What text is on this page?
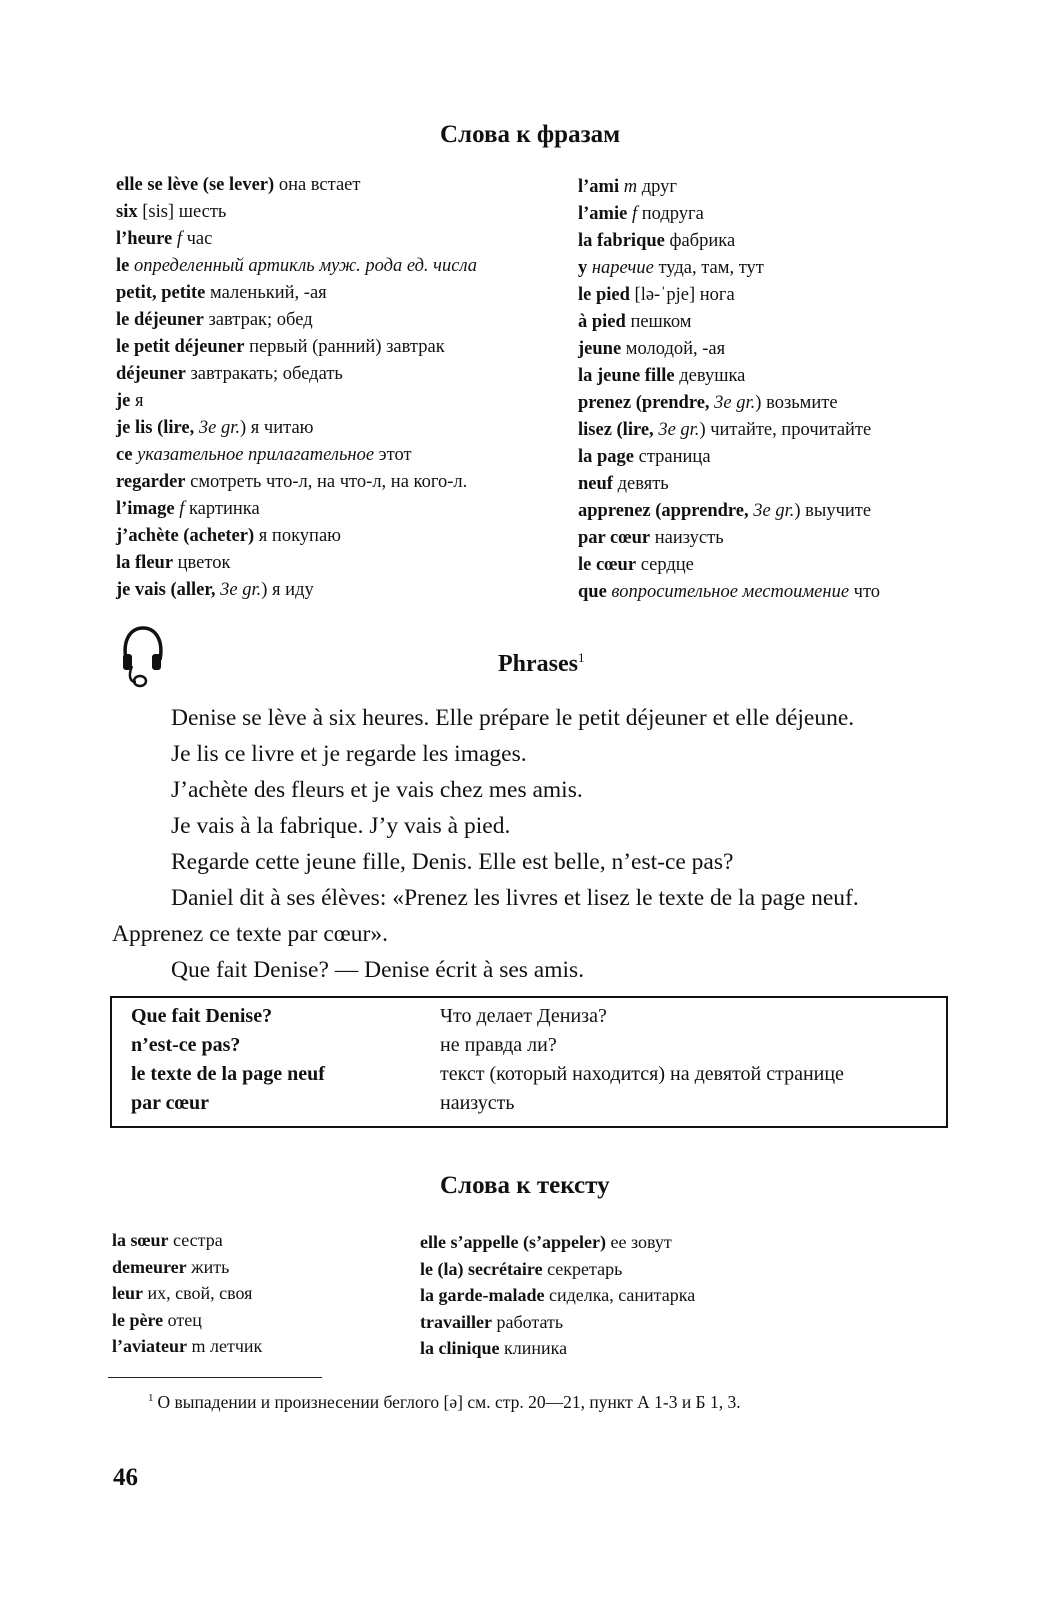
Слова к фразам
elle se lève (se lever) она встает
six [sis] шесть
l’heure f час
le определенный артикль муж. рода ед. числа
petit, petite маленький, -ая
le déjeuner завтрак; обед
le petit déjeuner первый (ранний) завтрак
déjeuner завтракать; обедать
je я
je lis (lire, 3e gr.) я читаю
ce указательное прилагательное этот
regarder смотреть что-л, на что-л, на кого-л.
l’image f картинка
j’achète (acheter) я покупаю
la fleur цветок
je vais (aller, 3e gr.) я иду
l’ami m друг
l’amie f подруга
la fabrique фабрика
y наречие туда, там, тут
le pied [lə-ˈpje] нога
à pied пешком
jeune молодой, -ая
la jeune fille девушка
prenez (prendre, 3e gr.) возьмите
lisez (lire, 3e gr.) читайте, прочитайте
la page страница
neuf девять
apprenez (apprendre, 3e gr.) выучите
par cœur наизусть
le cœur сердце
que вопросительное местоимение что
Phrases$^1$
Denise se lève à six heures. Elle prépare le petit déjeuner et elle déjeune.
Je lis ce livre et je regarde les images.
J’achète des fleurs et je vais chez mes amis.
Je vais à la fabrique. J’y vais à pied.
Regarde cette jeune fille, Denis. Elle est belle, n’est-ce pas?
Daniel dit à ses élèves: «Prenez les livres et lisez le texte de la page neuf.
Apprenez ce texte par cœur».
Que fait Denise? — Denise écrit à ses amis.
Que fait Denise?	Что делает Дениза?
n’est-ce pas?	не правда ли?
le texte de la page neuf	текст (который находится) на девятой странице
par cœur	наизусть
Слова к тексту
la sœur сестра
demeurer жить
leur их, свой, своя
le père отец
l’aviateur m летчик
elle s’appelle (s’appeler) ее зовут
le (la) secrétaire секретарь
la garde-malade сиделка, санитарка
travailler работать
la clinique клиника
$^1$ О выпадении и произнесении беглого [ə] см. стр. 20—21, пункт А 1-3 и Б 1, 3.
46
